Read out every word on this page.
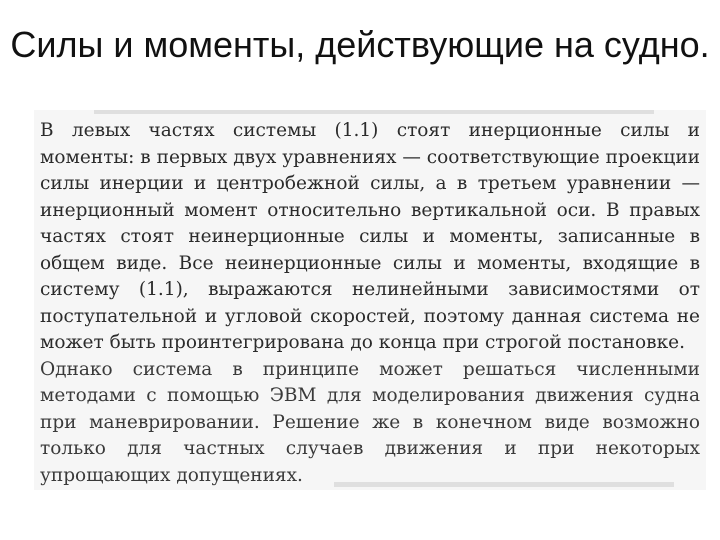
Силы и моменты, действующие на судно.

В левых частях системы (1.1) стоят инерционные силы и моменты: в первых двух уравнениях — соответствующие проекции силы инерции и центробежной силы, а в третьем уравнении — инерционный момент относительно вертикальной оси. В правых частях стоят неинерционные силы и моменты, записанные в общем виде. Все неинерционные силы и моменты, входящие в систему (1.1), выражаются нелинейными зависимостями от поступательной и угловой скоростей, поэтому данная система не может быть проинтегрирована до конца при строгой постановке.

Однако система в принципе может решаться численными методами с помощью ЭВМ для моделирования движения судна при маневрировании. Решение же в конечном виде возможно только для частных случаев движения и при некоторых упрощающих допущениях.
